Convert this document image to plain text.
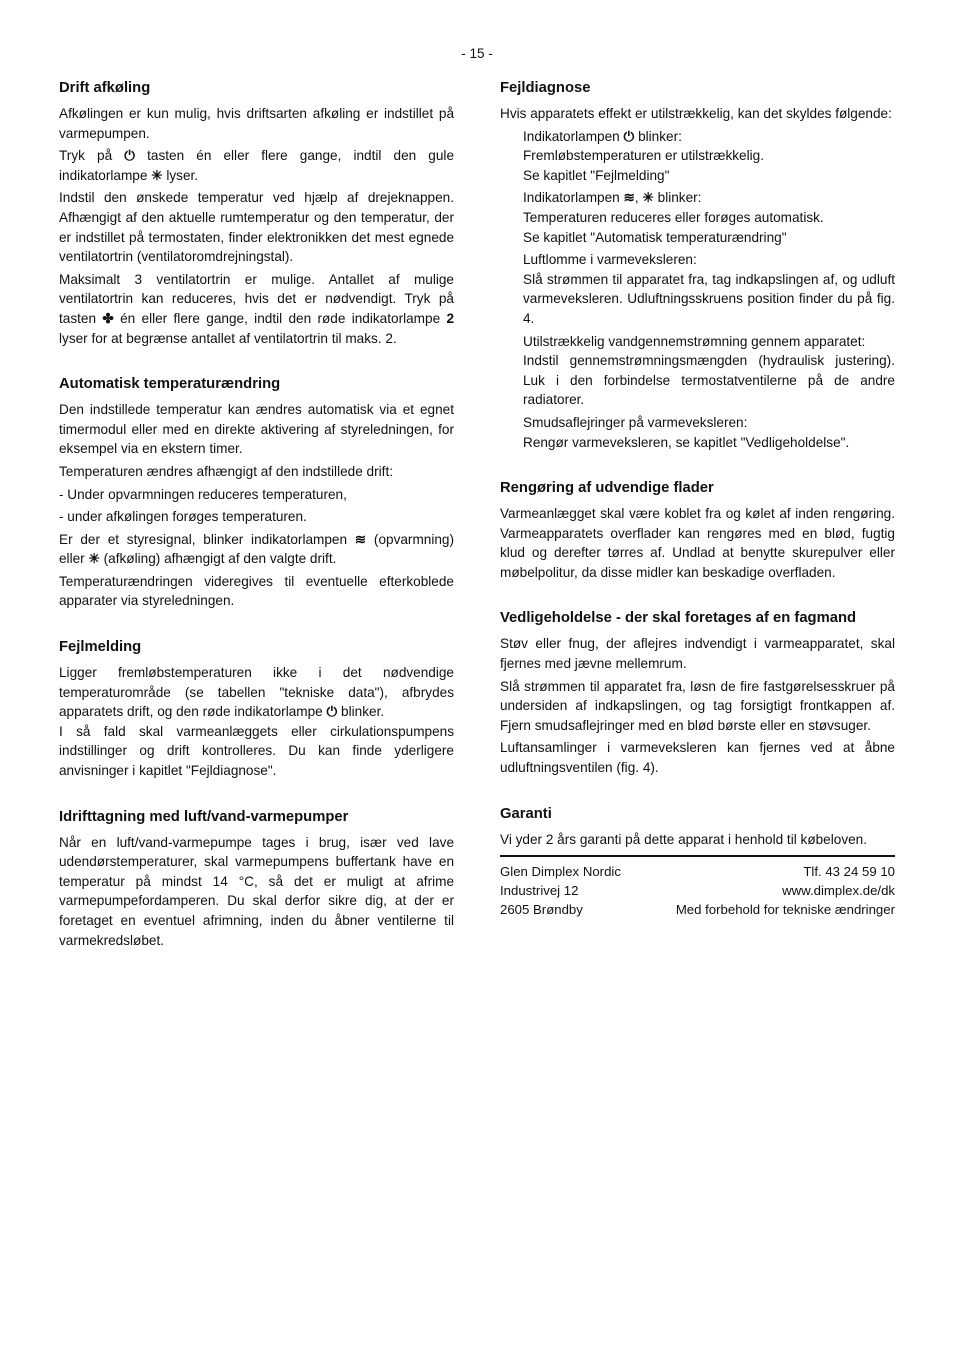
- 15 -
Drift afkøling

Afkølingen er kun mulig, hvis driftsarten afkøling er indstillet på varmepumpen.

Tryk på ⏻ tasten én eller flere gange, indtil den gule indikatorlampe ✳ lyser.

Indstil den ønskede temperatur ved hjælp af drejeknappen. Afhængigt af den aktuelle rumtemperatur og den temperatur, der er indstillet på termostaten, finder elektronikken det mest egnede ventilatortrin (ventilatoromdrejningstal).

Maksimalt 3 ventilatortrin er mulige. Antallet af mulige ventilatortrin kan reduceres, hvis det er nødvendigt. Tryk på tasten ✤ én eller flere gange, indtil den røde indikatorlampe 2 lyser for at begrænse antallet af ventilatortrin til maks. 2.

Automatisk temperaturændring

Den indstillede temperatur kan ændres automatisk via et egnet timermodul eller med en direkte aktivering af styreledningen, for eksempel via en ekstern timer.

Temperaturen ændres afhængigt af den indstillede drift:

- Under opvarmningen reduceres temperaturen,

- under afkølingen forøges temperaturen.

Er der et styresignal, blinker indikatorlampen ≋ (opvarmning) eller ✳ (afkøling) afhængigt af den valgte drift.

Temperaturændringen videregives til eventuelle efterkoblede apparater via styreledningen.

Fejlmelding

Ligger fremløbstemperaturen ikke i det nødvendige temperaturområde (se tabellen "tekniske data"), afbrydes apparatets drift, og den røde indikatorlampe ⏻ blinker.

I så fald skal varmeanlæggets eller cirkulationspumpens indstillinger og drift kontrolleres. Du kan finde yderligere anvisninger i kapitlet "Fejldiagnose".

Idrifttagning med luft/vand-varmepumper

Når en luft/vand-varmepumpe tages i brug, især ved lave udendørstemperaturer, skal varmepumpens buffertank have en temperatur på mindst 14 °C, så det er muligt at afrime varmepumpefordamperen. Du skal derfor sikre dig, at der er foretaget en eventuel afrimning, inden du åbner ventilerne til varmekredsløbet.

Fejldiagnose

Hvis apparatets effekt er utilstrækkelig, kan det skyldes følgende:

Indikatorlampen ⏻ blinker:

Fremløbstemperaturen er utilstrækkelig.

Se kapitlet "Fejlmelding"

Indikatorlampen ≋, ✳ blinker:

Temperaturen reduceres eller forøges automatisk.

Se kapitlet "Automatisk temperaturændring"

Luftlomme i varmeveksleren:

Slå strømmen til apparatet fra, tag indkapslingen af, og udluft varmeveksleren. Udluftningsskruens position finder du på fig. 4.

Utilstrækkelig vandgennemstrømning gennem apparatet:

Indstil gennemstrømningsmængden (hydraulisk justering). Luk i den forbindelse termostatventilerne på de andre radiatorer.

Smudsaflejringer på varmeveksleren:

Rengør varmeveksleren, se kapitlet "Vedligeholdelse".

Rengøring af udvendige flader

Varmeanlægget skal være koblet fra og kølet af inden rengøring. Varmeapparatets overflader kan rengøres med en blød, fugtig klud og derefter tørres af. Undlad at benytte skurepulver eller møbelpolitur, da disse midler kan beskadige overfladen.

Vedligeholdelse - der skal foretages af en fagmand

Støv eller fnug, der aflejres indvendigt i varmeapparatet, skal fjernes med jævne mellemrum.

Slå strømmen til apparatet fra, løsn de fire fastgørelsesskruer på undersiden af indkapslingen, og tag forsigtigt frontkappen af. Fjern smudsaflejringer med en blød børste eller en støvsuger.

Luftansamlinger i varmeveksleren kan fjernes ved at åbne udluftningsventilen (fig. 4).

Garanti

Vi yder 2 års garanti på dette apparat i henhold til købeloven.

Glen Dimplex Nordic	Tlf. 43 24 59 10
Industrivej 12	www.dimplex.de/dk
2605 Brøndby	Med forbehold for tekniske ændringer
